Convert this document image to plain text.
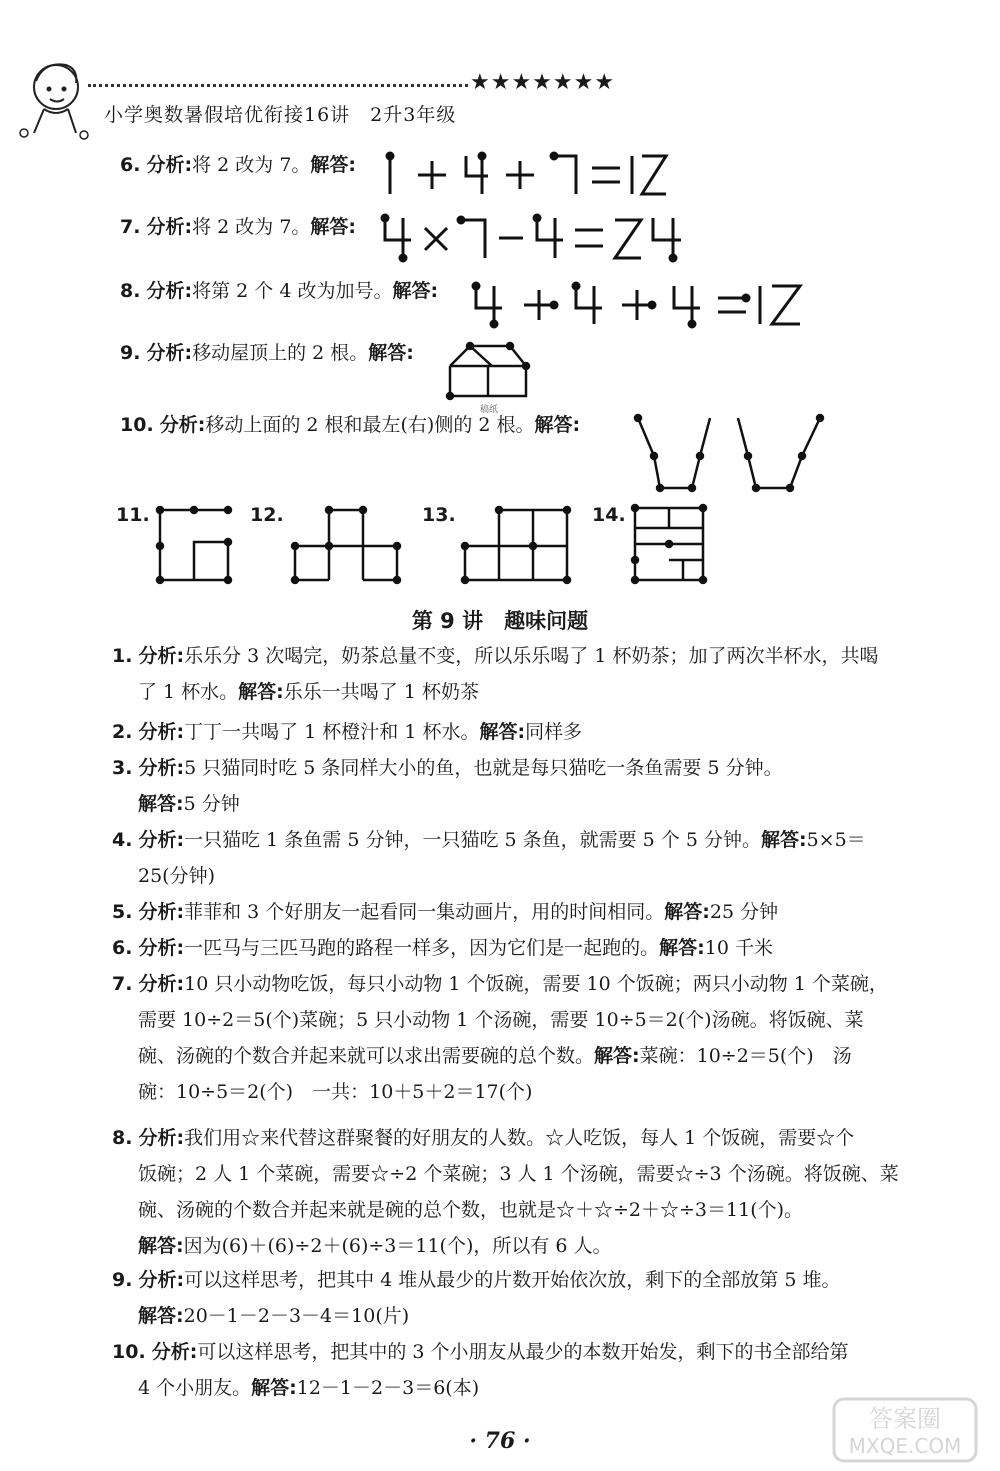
★★★★★★★
小学奥数暑假培优衔接16讲　2升3年级
6. 分析:将 2 改为 7。解答:
7. 分析:将 2 改为 7。解答:
8. 分析:将第 2 个 4 改为加号。解答:
9. 分析:移动屋顶上的 2 根。解答:
10. 分析:移动上面的 2 根和最左(右)侧的 2 根。解答:
稿纸
11.	12.	13.	14.
第 9 讲　趣味问题
1. 分析:乐乐分 3 次喝完，奶茶总量不变，所以乐乐喝了 1 杯奶茶；加了两次半杯水，共喝
了 1 杯水。解答:乐乐一共喝了 1 杯奶茶
2. 分析:丁丁一共喝了 1 杯橙汁和 1 杯水。解答:同样多
3. 分析:5 只猫同时吃 5 条同样大小的鱼，也就是每只猫吃一条鱼需要 5 分钟。
解答:5 分钟
4. 分析:一只猫吃 1 条鱼需 5 分钟，一只猫吃 5 条鱼，就需要 5 个 5 分钟。解答:5×5＝
25(分钟)
5. 分析:菲菲和 3 个好朋友一起看同一集动画片，用的时间相同。解答:25 分钟
6. 分析:一匹马与三匹马跑的路程一样多，因为它们是一起跑的。解答:10 千米
7. 分析:10 只小动物吃饭，每只小动物 1 个饭碗，需要 10 个饭碗；两只小动物 1 个菜碗，
需要 10÷2＝5(个)菜碗；5 只小动物 1 个汤碗，需要 10÷5＝2(个)汤碗。将饭碗、菜
碗、汤碗的个数合并起来就可以求出需要碗的总个数。解答:菜碗：10÷2＝5(个)　汤
碗：10÷5＝2(个)　一共：10＋5＋2＝17(个)
8. 分析:我们用☆来代替这群聚餐的好朋友的人数。☆人吃饭，每人 1 个饭碗，需要☆个
饭碗；2 人 1 个菜碗，需要☆÷2 个菜碗；3 人 1 个汤碗，需要☆÷3 个汤碗。将饭碗、菜
碗、汤碗的个数合并起来就是碗的总个数，也就是☆＋☆÷2＋☆÷3＝11(个)。
解答:因为(6)＋(6)÷2＋(6)÷3＝11(个)，所以有 6 人。
9. 分析:可以这样思考，把其中 4 堆从最少的片数开始依次放，剩下的全部放第 5 堆。
解答:20－1－2－3－4＝10(片)
10. 分析:可以这样思考，把其中的 3 个小朋友从最少的本数开始发，剩下的书全部给第
4 个小朋友。解答:12－1－2－3＝6(本)
· 76 ·
答案圈
MXQE.COM
